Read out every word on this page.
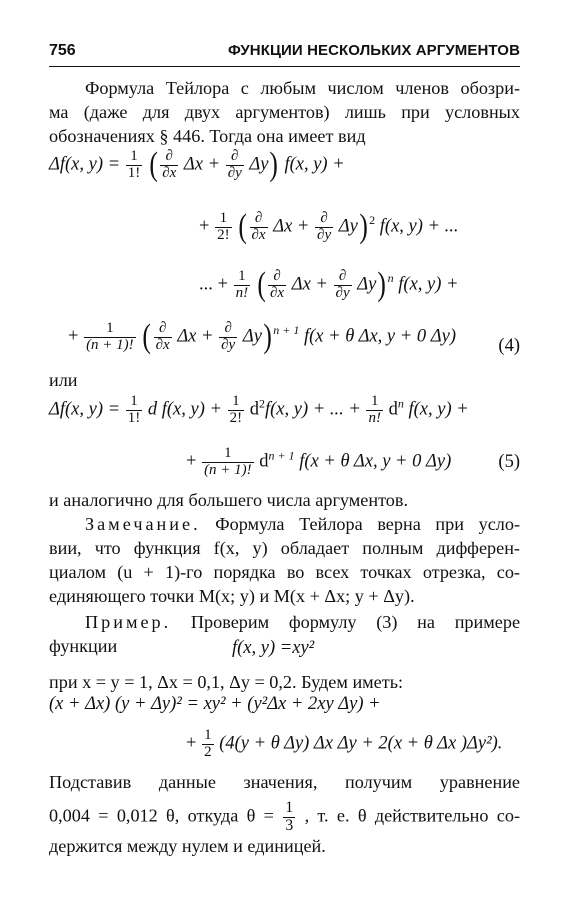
756	ФУНКЦИИ НЕСКОЛЬКИХ АРГУМЕНТОВ
Формула Тейлора с любым числом членов обозри-
ма (даже для двух аргументов) лишь при условных
обозначениях § 446. Тогда она имеет вид
Δf(x, $y) = \frac{1}{1!}$ ( $\frac{\partial}{\partial x}$ $\Delta x + \frac{\partial}{\partial y} \Delta y$) f(x, y) +
+ $\frac{1}{2!}$ ( $\frac{\partial}{\partial x}$ $\Delta x + \frac{\partial}{\partial y} \Delta y)^2$ f(x, y) + ...
... + $\frac{1}{n!}$ ( $\frac{\partial}{\partial x}$ $\Delta x + \frac{\partial}{\partial y} \Delta y)^n$ f(x, y) +
+ $\frac{1}{(n + 1)!}$ ( $\frac{\partial}{\partial x}$ $\Delta x + \frac{\partial}{\partial y} \Delta y)^{n + 1}$ f(x + θ Δx, y + 0 Δy) (4)
или
Δf(x, $y) = \frac{1}{1!}$ d f(x, $y) + \frac{1}{2!} d^2f(x$, y) + ... + $\frac{1}{n!} d^n$ f(x, y) +
+ $\frac{1}{(n + 1)!} d^{n + 1}$ f(x + θ Δx, y + 0 Δy)	(5)
и аналогично для большего числа аргументов.
Замечание. Формула Тейлора верна при усло-
вии, что функция f(x, y) обладает полным дифферен-
циалом (u + 1)-го порядка во всех точках отрезка, со-
единяющего точки M(x; y) и M(x + Δx; y + Δy).
Пример. Проверим формулу (3) на примере
функции	f(x, y) =xy²
при x = y = 1, Δx = 0,1, Δy = 0,2. Будем иметь:
(x + Δx) (y + Δy)² = xy² + (y²Δx + 2xy Δy) +
+ $\frac{1}{2} (4(y + \theta$ Δy) Δx Δy + 2(x + θ Δx )Δy²).
Подставив данные значения, получим уравнение
0,004 = 0,012 θ, откуда $\theta = \frac{1}{3}$ , т. е. θ действительно со-
держится между нулем и единицей.
